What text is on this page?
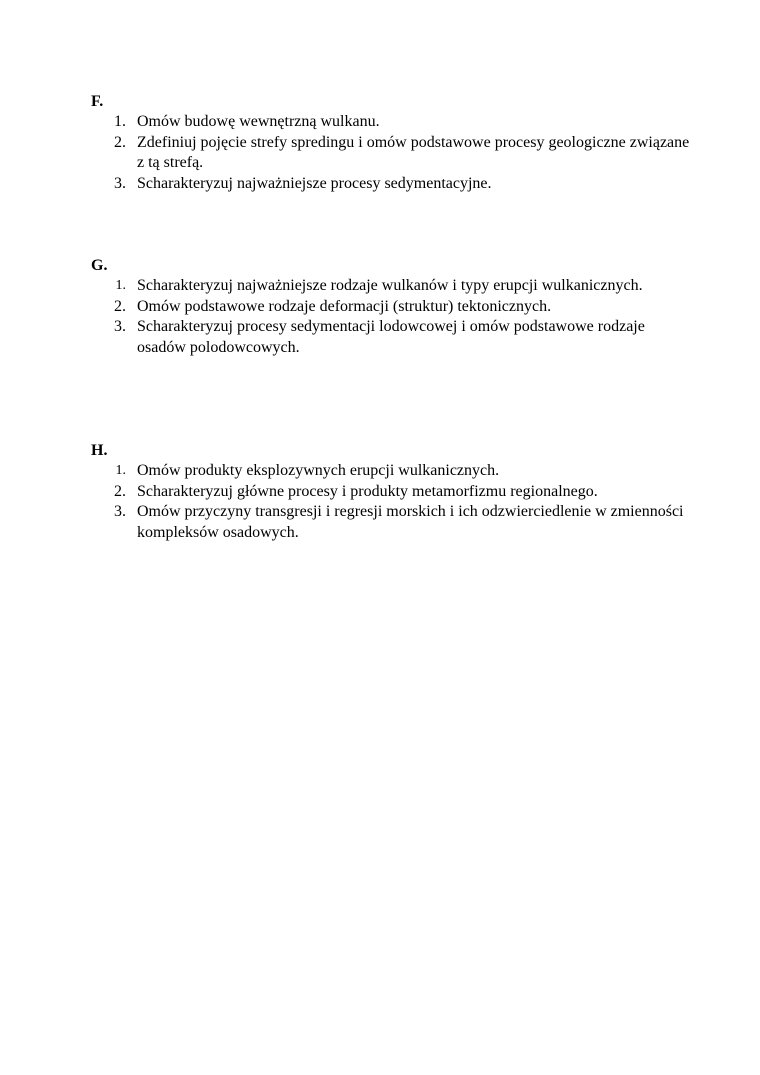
F.
1. Omów budowę wewnętrzną wulkanu.
2. Zdefiniuj pojęcie strefy spredingu i omów podstawowe procesy geologiczne związane z tą strefą.
3. Scharakteryzuj najważniejsze procesy sedymentacyjne.
G.
1. Scharakteryzuj najważniejsze rodzaje wulkanów i typy erupcji wulkanicznych.
2. Omów podstawowe rodzaje deformacji (struktur) tektonicznych.
3. Scharakteryzuj procesy sedymentacji lodowcowej i omów podstawowe rodzaje osadów polodowcowych.
H.
1. Omów produkty eksplozywnych erupcji wulkanicznych.
2. Scharakteryzuj główne procesy i produkty metamorfizmu regionalnego.
3. Omów przyczyny transgresji i regresji morskich i ich odzwierciedlenie w zmienności kompleksów osadowych.
